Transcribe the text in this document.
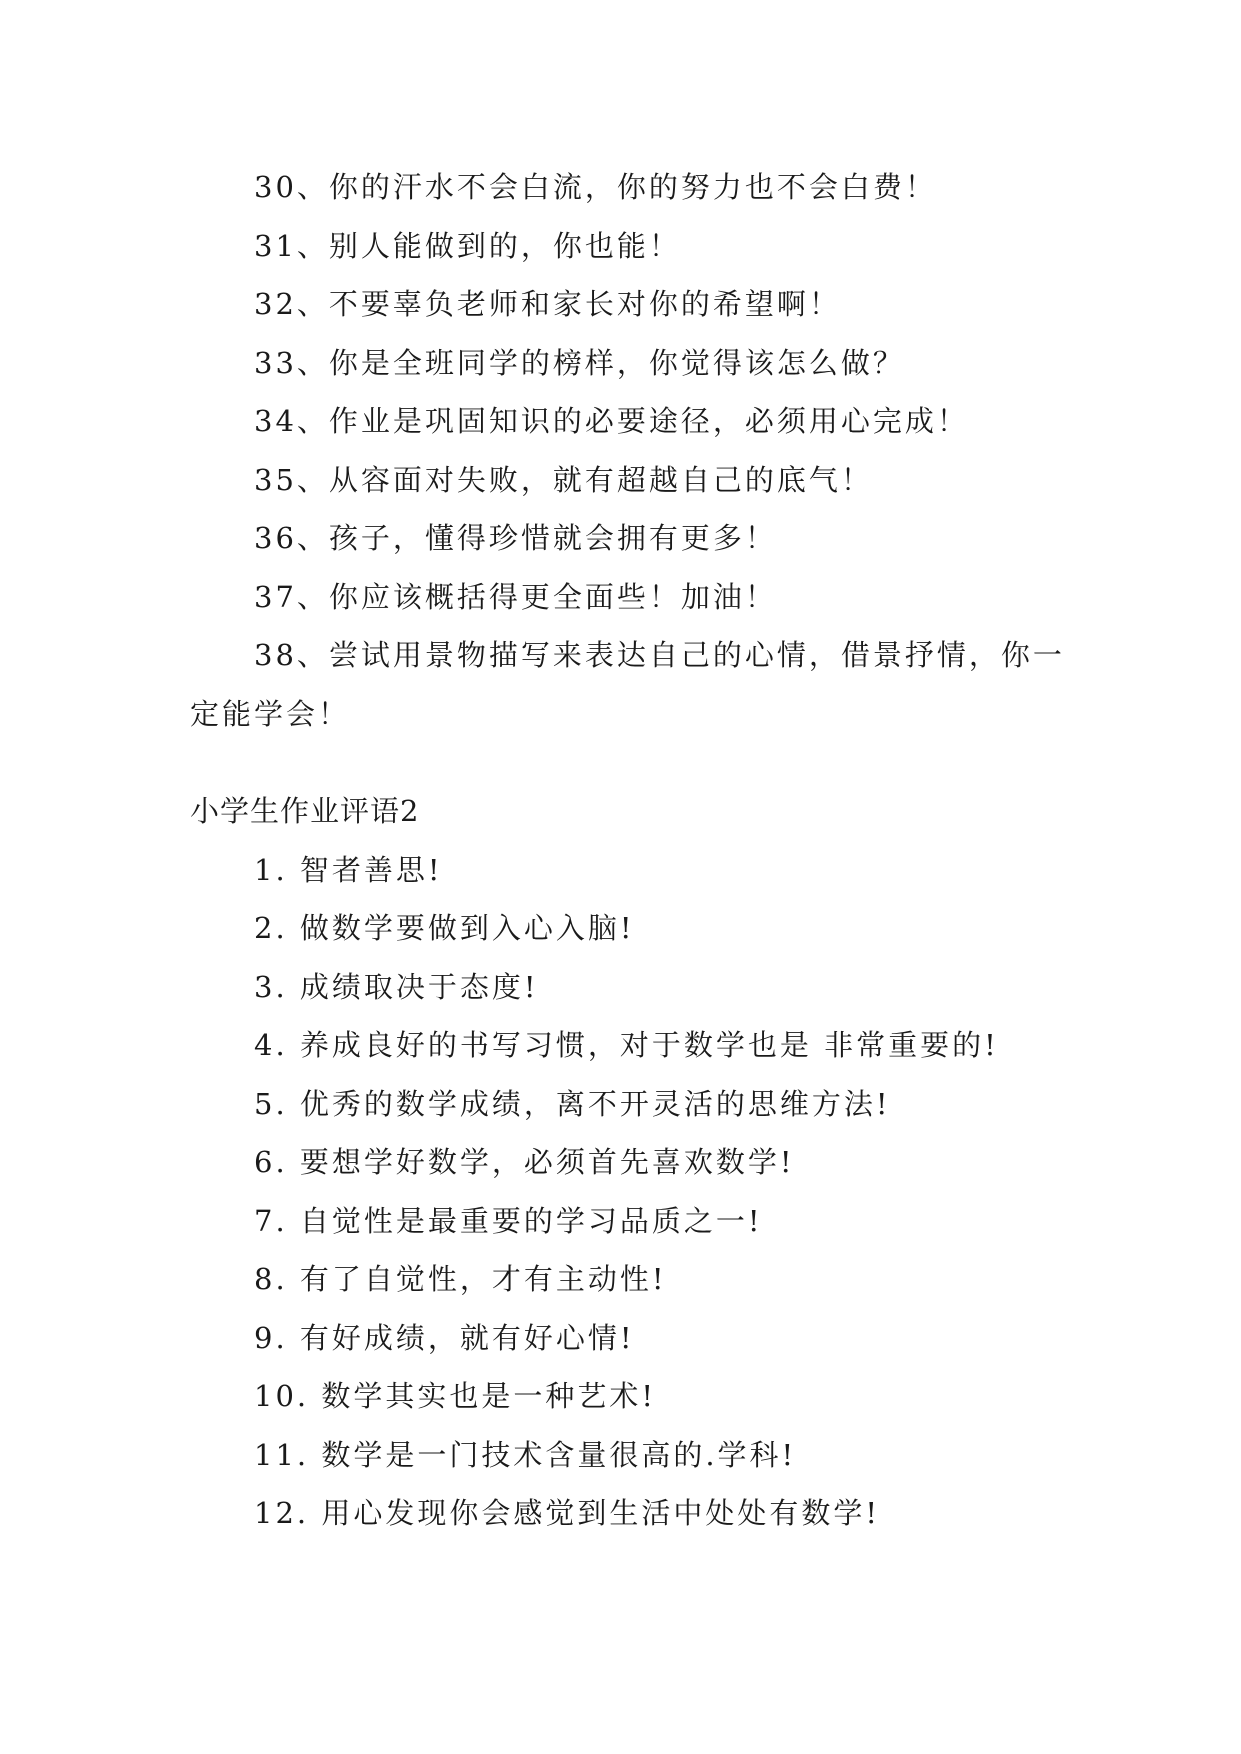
30、你的汗水不会白流，你的努力也不会白费！

31、别人能做到的，你也能！

32、不要辜负老师和家长对你的希望啊！

33、你是全班同学的榜样，你觉得该怎么做？

34、作业是巩固知识的必要途径，必须用心完成！

35、从容面对失败，就有超越自己的底气！

36、孩子，懂得珍惜就会拥有更多！

37、你应该概括得更全面些！加油！

38、尝试用景物描写来表达自己的心情，借景抒情，你一定能学会！

小学生作业评语2

1. 智者善思!

2. 做数学要做到入心入脑!

3. 成绩取决于态度!

4. 养成良好的书写习惯，对于数学也是 非常重要的!

5. 优秀的数学成绩，离不开灵活的思维方法!

6. 要想学好数学，必须首先喜欢数学!

7. 自觉性是最重要的学习品质之一!

8. 有了自觉性，才有主动性!

9. 有好成绩，就有好心情!

10. 数学其实也是一种艺术!

11. 数学是一门技术含量很高的.学科!

12. 用心发现你会感觉到生活中处处有数学!
